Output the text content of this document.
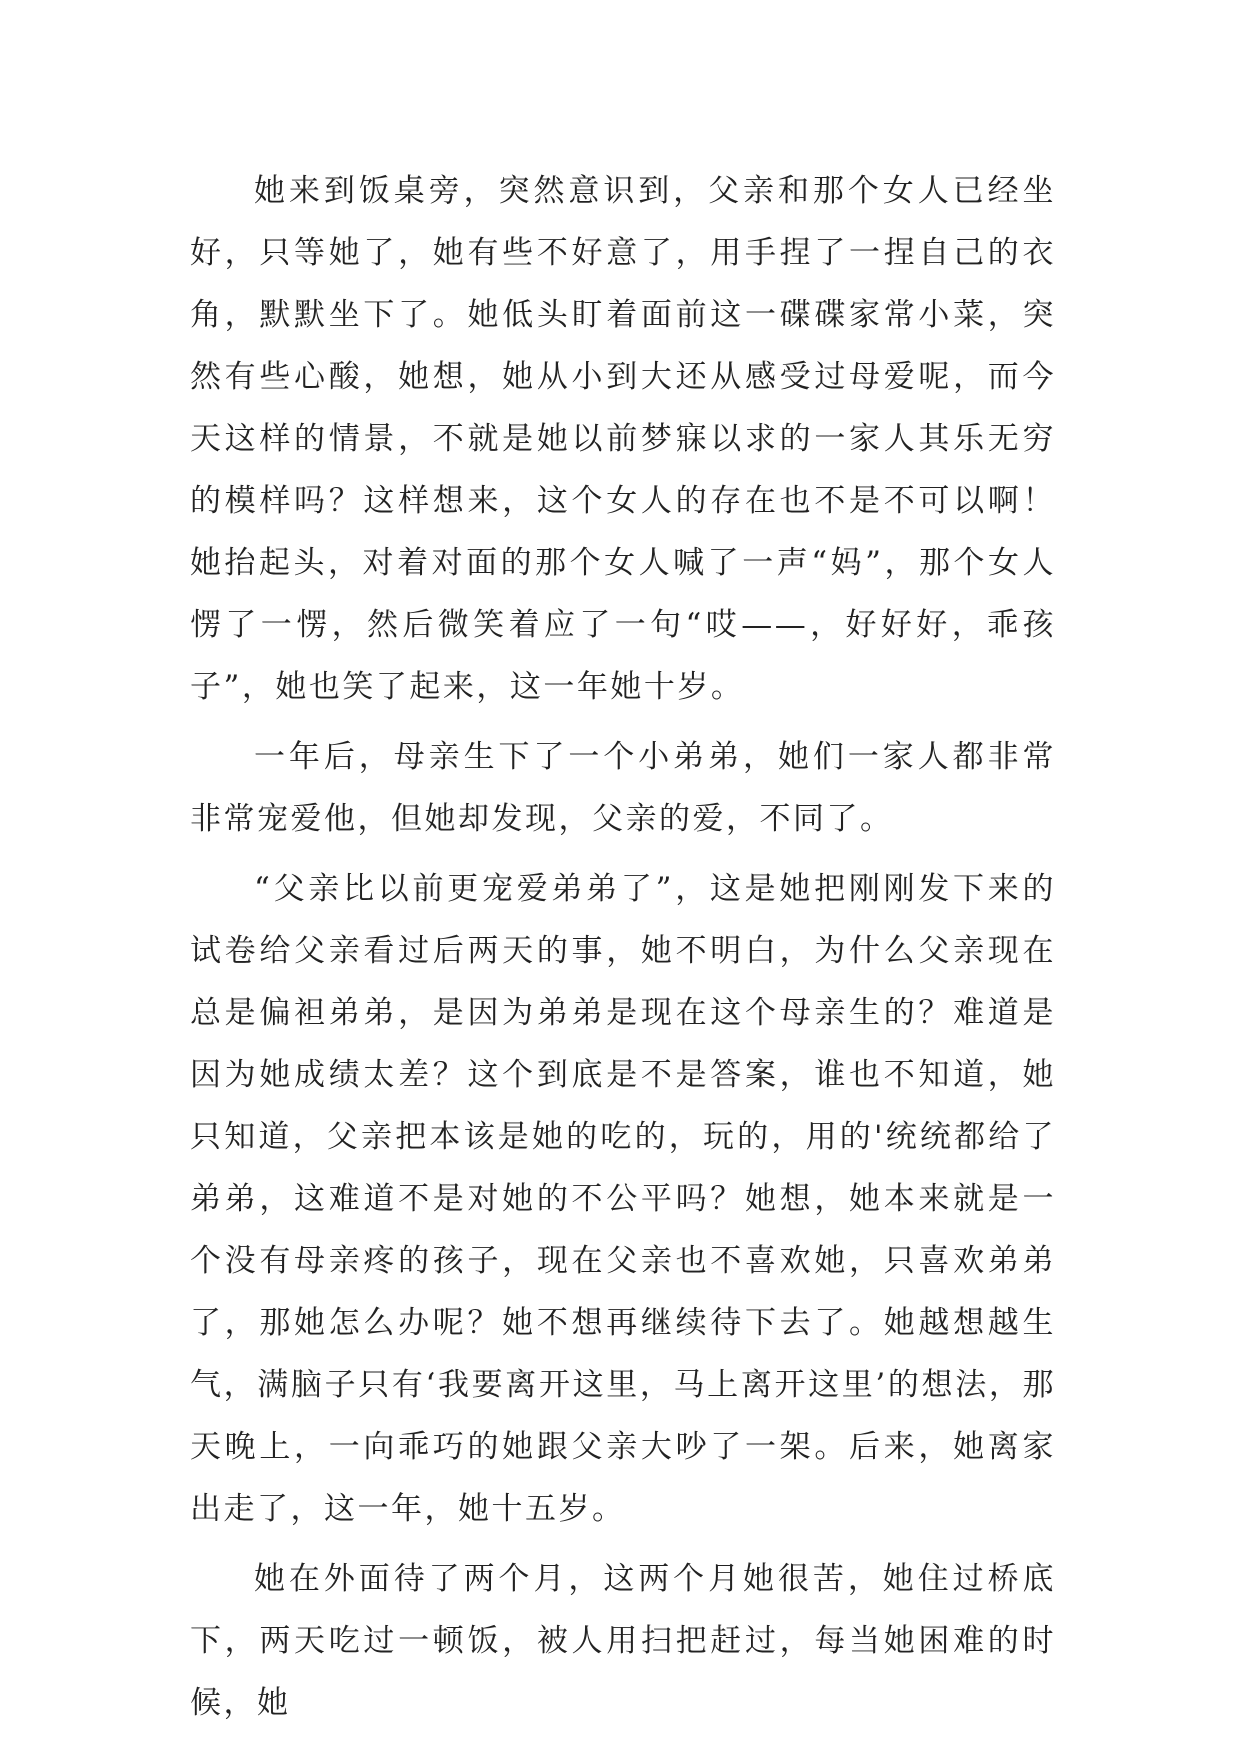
她来到饭桌旁，突然意识到，父亲和那个女人已经坐好，只等她了，她有些不好意了，用手捏了一捏自己的衣角，默默坐下了。她低头盯着面前这一碟碟家常小菜，突然有些心酸，她想，她从小到大还从感受过母爱呢，而今天这样的情景，不就是她以前梦寐以求的一家人其乐无穷的模样吗？这样想来，这个女人的存在也不是不可以啊！她抬起头，对着对面的那个女人喊了一声“妈”，那个女人愣了一愣，然后微笑着应了一句“哎——，好好好，乖孩子”，她也笑了起来，这一年她十岁。

一年后，母亲生下了一个小弟弟，她们一家人都非常非常宠爱他，但她却发现，父亲的爱，不同了。

“父亲比以前更宠爱弟弟了”，这是她把刚刚发下来的试卷给父亲看过后两天的事，她不明白，为什么父亲现在总是偏袒弟弟，是因为弟弟是现在这个母亲生的？难道是因为她成绩太差？这个到底是不是答案，谁也不知道，她只知道，父亲把本该是她的吃的，玩的，用的'统统都给了弟弟，这难道不是对她的不公平吗？她想，她本来就是一个没有母亲疼的孩子，现在父亲也不喜欢她，只喜欢弟弟了，那她怎么办呢？她不想再继续待下去了。她越想越生气，满脑子只有‘我要离开这里，马上离开这里’的想法，那天晚上，一向乖巧的她跟父亲大吵了一架。后来，她离家出走了，这一年，她十五岁。

她在外面待了两个月，这两个月她很苦，她住过桥底下，两天吃过一顿饭，被人用扫把赶过，每当她困难的时候，她
